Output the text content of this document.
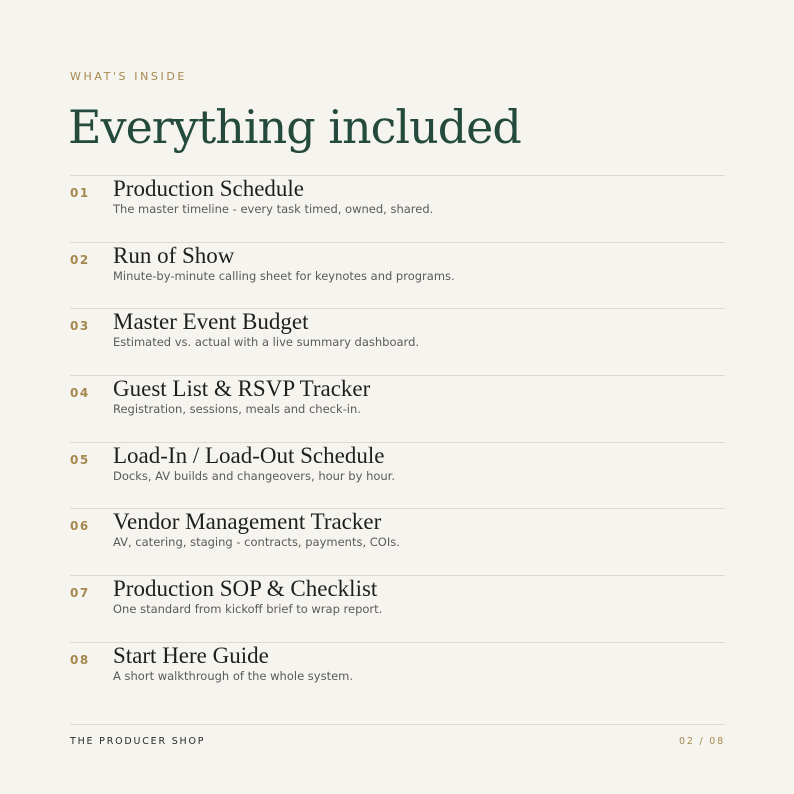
WHAT'S INSIDE
Everything included
01 Production Schedule
The master timeline - every task timed, owned, shared.
02 Run of Show
Minute-by-minute calling sheet for keynotes and programs.
03 Master Event Budget
Estimated vs. actual with a live summary dashboard.
04 Guest List & RSVP Tracker
Registration, sessions, meals and check-in.
05 Load-In / Load-Out Schedule
Docks, AV builds and changeovers, hour by hour.
06 Vendor Management Tracker
AV, catering, staging - contracts, payments, COIs.
07 Production SOP & Checklist
One standard from kickoff brief to wrap report.
08 Start Here Guide
A short walkthrough of the whole system.
THE PRODUCER SHOP	02 / 08
